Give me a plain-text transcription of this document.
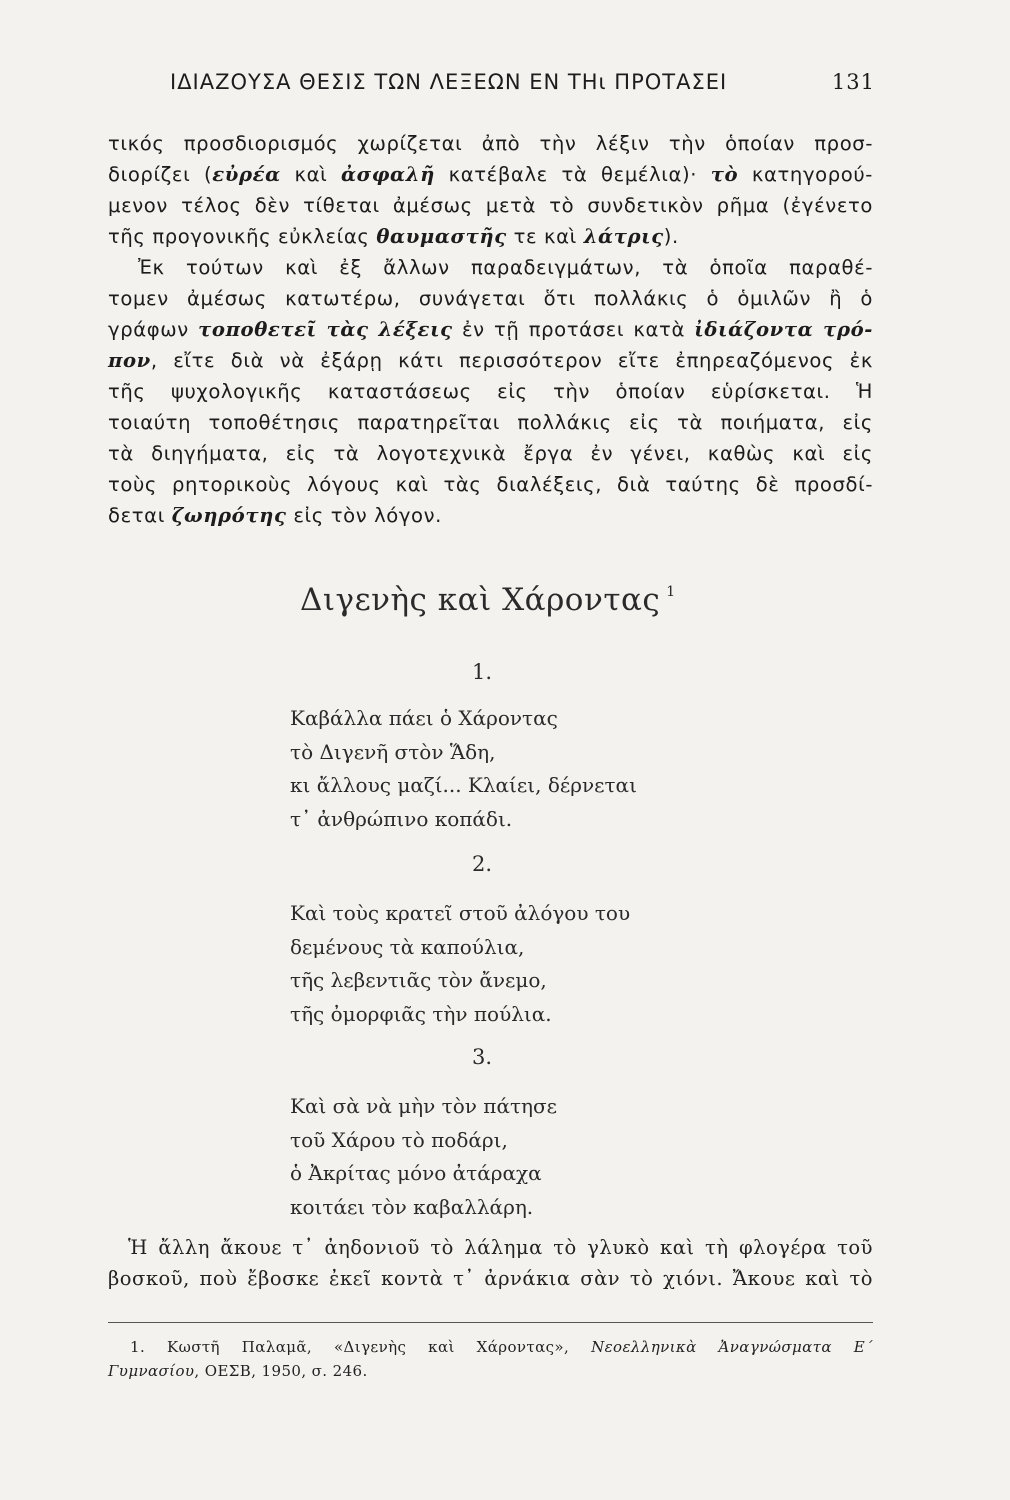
ΙΔΙΑΖΟΥΣΑ ΘΕΣΙΣ ΤΩΝ ΛΕΞΕΩΝ ΕΝ ΤΗι ΠΡΟΤΑΣΕΙ	131
τικός προσδιορισμός χωρίζεται ἀπὸ τὴν λέξιν τὴν ὁποίαν προσ-
διορίζει (εὐρέα καὶ ἀσφαλῆ κατέβαλε τὰ θεμέλια)· τὸ κατηγορού-
μενον τέλος δὲν τίθεται ἀμέσως μετὰ τὸ συνδετικὸν ρῆμα (ἐγένετο
τῆς προγονικῆς εὐκλείας θαυμαστῆς τε καὶ λάτρις).
Ἐκ τούτων καὶ ἐξ ἄλλων παραδειγμάτων, τὰ ὁποῖα παραθέ-
τομεν ἀμέσως κατωτέρω, συνάγεται ὅτι πολλάκις ὁ ὁμιλῶν ἢ ὁ
γράφων τοποθετεῖ τὰς λέξεις ἐν τῇ προτάσει κατὰ ἰδιάζοντα τρό-
πον, εἴτε διὰ νὰ ἐξάρῃ κάτι περισσότερον εἴτε ἐπηρεαζόμενος ἐκ
τῆς ψυχολογικῆς καταστάσεως εἰς τὴν ὁποίαν εὑρίσκεται. Ἡ
τοιαύτη τοποθέτησις παρατηρεῖται πολλάκις εἰς τὰ ποιήματα, εἰς
τὰ διηγήματα, εἰς τὰ λογοτεχνικὰ ἔργα ἐν γένει, καθὼς καὶ εἰς
τοὺς ρητορικοὺς λόγους καὶ τὰς διαλέξεις, διὰ ταύτης δὲ προσδί-
δεται ζωηρότης εἰς τὸν λόγον.
Διγενὴς καὶ Χάροντας $^1$
1.
Καβάλλα πάει ὁ Χάροντας
τὸ Διγενῆ στὸν Ἅδη,
κι ἄλλους μαζί... Κλαίει, δέρνεται
τ᾿ ἀνθρώπινο κοπάδι.
2.
Καὶ τοὺς κρατεῖ στοῦ ἀλόγου του
δεμένους τὰ καπούλια,
τῆς λεβεντιᾶς τὸν ἄνεμο,
τῆς ὀμορφιᾶς τὴν πούλια.
3.
Καὶ σὰ νὰ μὴν τὸν πάτησε
τοῦ Χάρου τὸ ποδάρι,
ὁ Ἀκρίτας μόνο ἀτάραχα
κοιτάει τὸν καβαλλάρη.
Ἡ ἄλλη ἄκουε τ᾿ ἀηδονιοῦ τὸ λάλημα τὸ γλυκὸ καὶ τὴ φλογέρα τοῦ
βοσκοῦ, ποὺ ἔβοσκε ἐκεῖ κοντὰ τ᾿ ἀρνάκια σὰν τὸ χιόνι. Ἄκουε καὶ τὸ
1. Κωστῆ Παλαμᾶ, «Διγενὴς καὶ Χάροντας», Νεοελληνικὰ Ἀναγνώσματα Ε΄
Γυμνασίου, ΟΕΣΒ, 1950, σ. 246.
